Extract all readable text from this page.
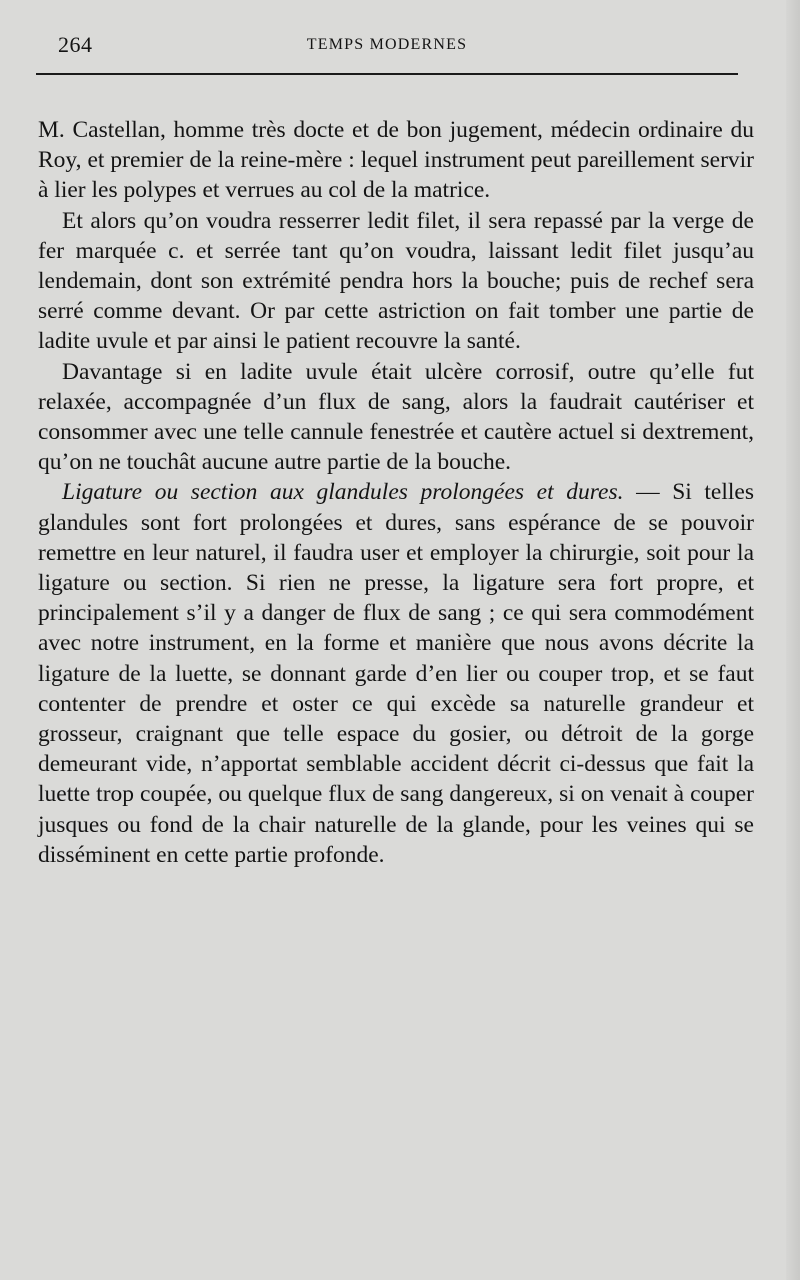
264	TEMPS MODERNES

M. Castellan, homme très docte et de bon jugement, médecin ordinaire du Roy, et premier de la reine-mère : lequel instrument peut pareillement servir à lier les polypes et verrues au col de la matrice.

Et alors qu’on voudra resserrer ledit filet, il sera repassé par la verge de fer marquée c. et serrée tant qu’on voudra, laissant ledit filet jusqu’au lendemain, dont son extrémité pendra hors la bouche; puis de rechef sera serré comme devant. Or par cette astriction on fait tomber une partie de ladite uvule et par ainsi le patient recouvre la santé.

Davantage si en ladite uvule était ulcère corrosif, outre qu’elle fut relaxée, accompagnée d’un flux de sang, alors la faudrait cautériser et consommer avec une telle cannule fenestrée et cautère actuel si dextrement, qu’on ne touchât aucune autre partie de la bouche.

Ligature ou section aux glandules prolongées et dures. — Si telles glandules sont fort prolongées et dures, sans espérance de se pouvoir remettre en leur naturel, il faudra user et employer la chirurgie, soit pour la ligature ou section. Si rien ne presse, la ligature sera fort propre, et principalement s’il y a danger de flux de sang ; ce qui sera commodément avec notre instrument, en la forme et manière que nous avons décrite la ligature de la luette, se donnant garde d’en lier ou couper trop, et se faut contenter de prendre et oster ce qui excède sa naturelle grandeur et grosseur, craignant que telle espace du gosier, ou détroit de la gorge demeurant vide, n’apportat semblable accident décrit ci-dessus que fait la luette trop coupée, ou quelque flux de sang dangereux, si on venait à couper jusques ou fond de la chair naturelle de la glande, pour les veines qui se disséminent en cette partie profonde.
